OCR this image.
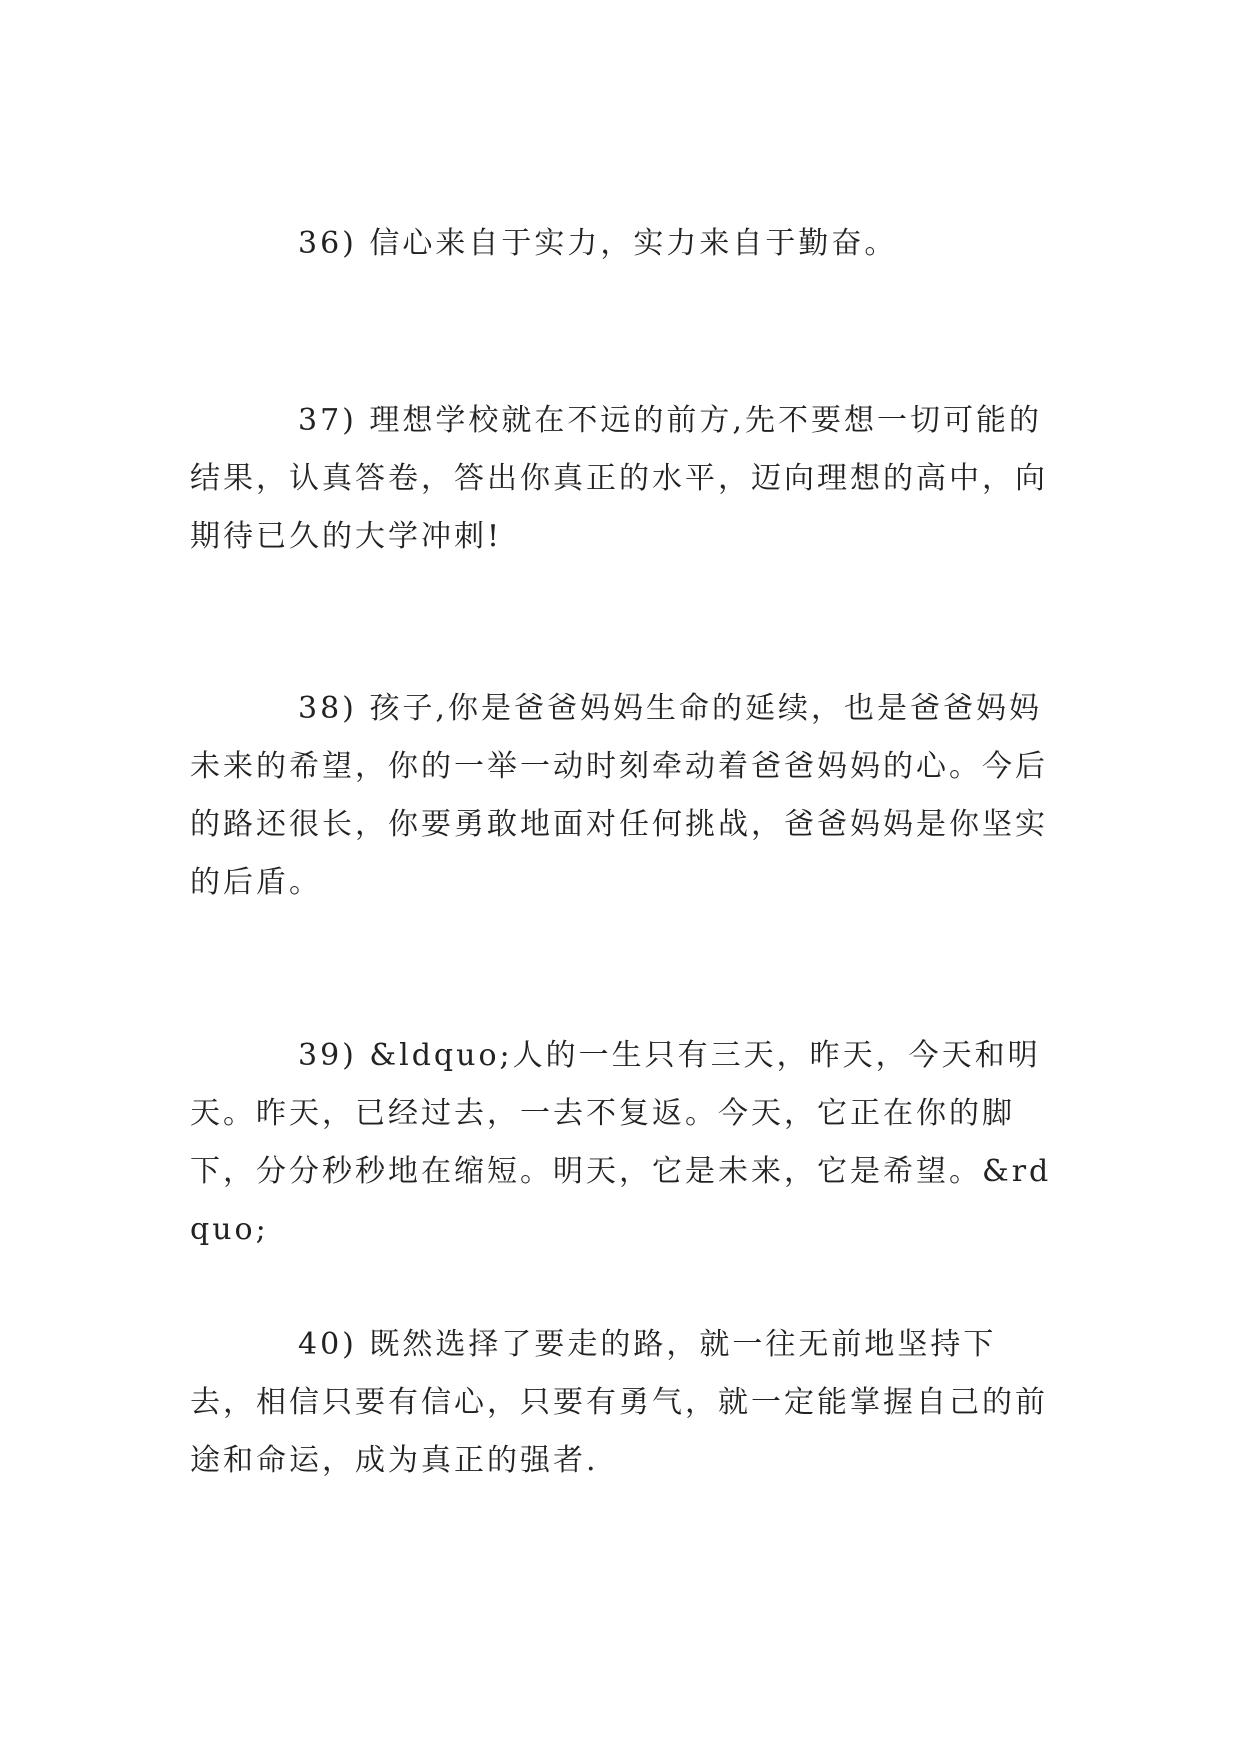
36) 信心来自于实力，实力来自于勤奋。

37) 理想学校就在不远的前方,先不要想一切可能的结果，认真答卷，答出你真正的水平，迈向理想的高中，向期待已久的大学冲刺!

38) 孩子,你是爸爸妈妈生命的延续，也是爸爸妈妈未来的希望，你的一举一动时刻牵动着爸爸妈妈的心。今后的路还很长，你要勇敢地面对任何挑战，爸爸妈妈是你坚实的后盾。

39) &ldquo;人的一生只有三天，昨天，今天和明天。昨天，已经过去，一去不复返。今天，它正在你的脚下，分分秒秒地在缩短。明天，它是未来，它是希望。&rdquo;

40) 既然选择了要走的路，就一往无前地坚持下去，相信只要有信心，只要有勇气，就一定能掌握自己的前途和命运，成为真正的强者.
